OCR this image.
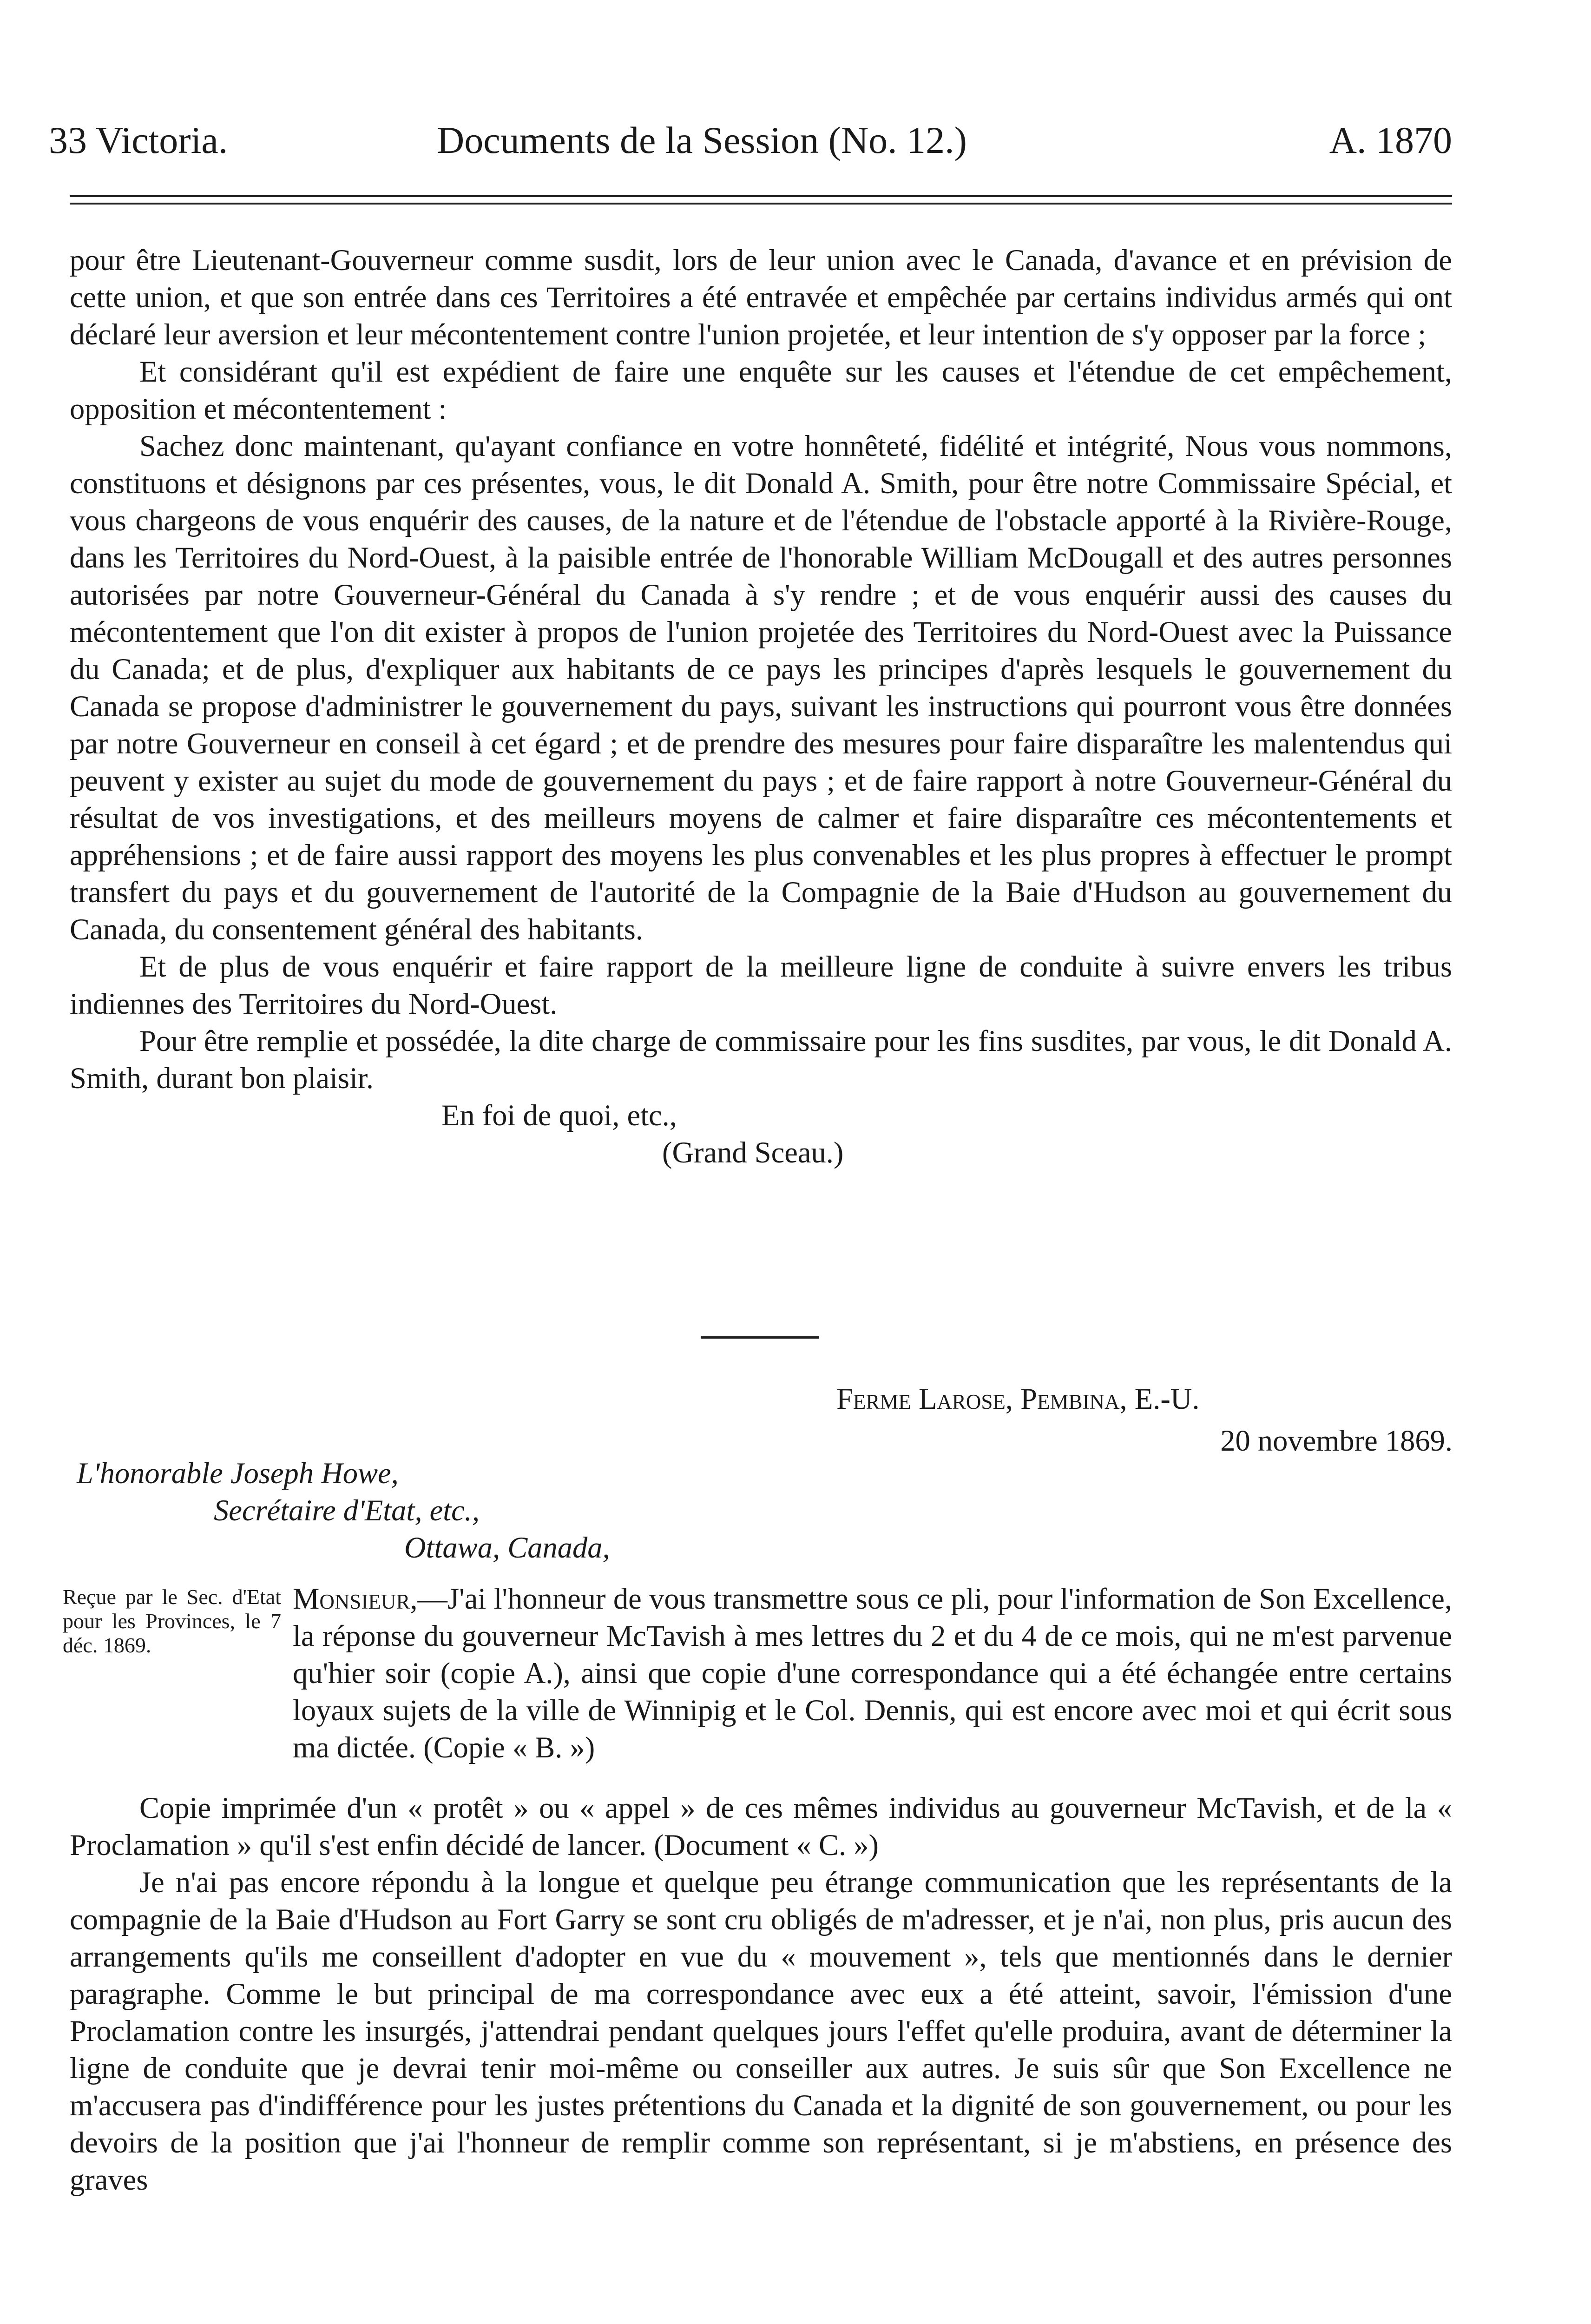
33 Victoria.	Documents de la Session (No. 12.)	A. 1870

pour être Lieutenant-Gouverneur comme susdit, lors de leur union avec le Canada, d'avance et en prévision de cette union, et que son entrée dans ces Territoires a été entravée et empêchée par certains individus armés qui ont déclaré leur aversion et leur mécontentement contre l'union projetée, et leur intention de s'y opposer par la force ;

Et considérant qu'il est expédient de faire une enquête sur les causes et l'étendue de cet empêchement, opposition et mécontentement :

Sachez donc maintenant, qu'ayant confiance en votre honnêteté, fidélité et intégrité, Nous vous nommons, constituons et désignons par ces présentes, vous, le dit Donald A. Smith, pour être notre Commissaire Spécial, et vous chargeons de vous enquérir des causes, de la nature et de l'étendue de l'obstacle apporté à la Rivière-Rouge, dans les Territoires du Nord-Ouest, à la paisible entrée de l'honorable William McDougall et des autres personnes autorisées par notre Gouverneur-Général du Canada à s'y rendre ; et de vous enquérir aussi des causes du mécontentement que l'on dit exister à propos de l'union projetée des Territoires du Nord-Ouest avec la Puissance du Canada; et de plus, d'expliquer aux habitants de ce pays les principes d'après lesquels le gouvernement du Canada se propose d'administrer le gouvernement du pays, suivant les instructions qui pourront vous être données par notre Gouverneur en conseil à cet égard ; et de prendre des mesures pour faire disparaître les malentendus qui peuvent y exister au sujet du mode de gouvernement du pays ; et de faire rapport à notre Gouverneur-Général du résultat de vos investigations, et des meilleurs moyens de calmer et faire disparaître ces mécontentements et appréhensions ; et de faire aussi rapport des moyens les plus convenables et les plus propres à effectuer le prompt transfert du pays et du gouvernement de l'autorité de la Compagnie de la Baie d'Hudson au gouvernement du Canada, du consentement général des habitants.

Et de plus de vous enquérir et faire rapport de la meilleure ligne de conduite à suivre envers les tribus indiennes des Territoires du Nord-Ouest.

Pour être remplie et possédée, la dite charge de commissaire pour les fins susdites, par vous, le dit Donald A. Smith, durant bon plaisir.

En foi de quoi, etc.,

(Grand Sceau.)

Ferme Larose, Pembina, E.-U.
20 novembre 1869.
L'honorable Joseph Howe,
Secrétaire d'Etat, etc.,
Ottawa, Canada,
Reçue par le Sec. d'Etat pour les Provinces, le 7 déc. 1869.

Monsieur,—J'ai l'honneur de vous transmettre sous ce pli, pour l'information de Son Excellence, la réponse du gouverneur McTavish à mes lettres du 2 et du 4 de ce mois, qui ne m'est parvenue qu'hier soir (copie A.), ainsi que copie d'une correspondance qui a été échangée entre certains loyaux sujets de la ville de Winnipig et le Col. Dennis, qui est encore avec moi et qui écrit sous ma dictée. (Copie « B. »)

Copie imprimée d'un « protêt » ou « appel » de ces mêmes individus au gouverneur McTavish, et de la « Proclamation » qu'il s'est enfin décidé de lancer. (Document « C. »)

Je n'ai pas encore répondu à la longue et quelque peu étrange communication que les représentants de la compagnie de la Baie d'Hudson au Fort Garry se sont cru obligés de m'adresser, et je n'ai, non plus, pris aucun des arrangements qu'ils me conseillent d'adopter en vue du « mouvement », tels que mentionnés dans le dernier paragraphe. Comme le but principal de ma correspondance avec eux a été atteint, savoir, l'émission d'une Proclamation contre les insurgés, j'attendrai pendant quelques jours l'effet qu'elle produira, avant de déterminer la ligne de conduite que je devrai tenir moi-même ou conseiller aux autres. Je suis sûr que Son Excellence ne m'accusera pas d'indifférence pour les justes prétentions du Canada et la dignité de son gouvernement, ou pour les devoirs de la position que j'ai l'honneur de remplir comme son représentant, si je m'abstiens, en présence des graves
